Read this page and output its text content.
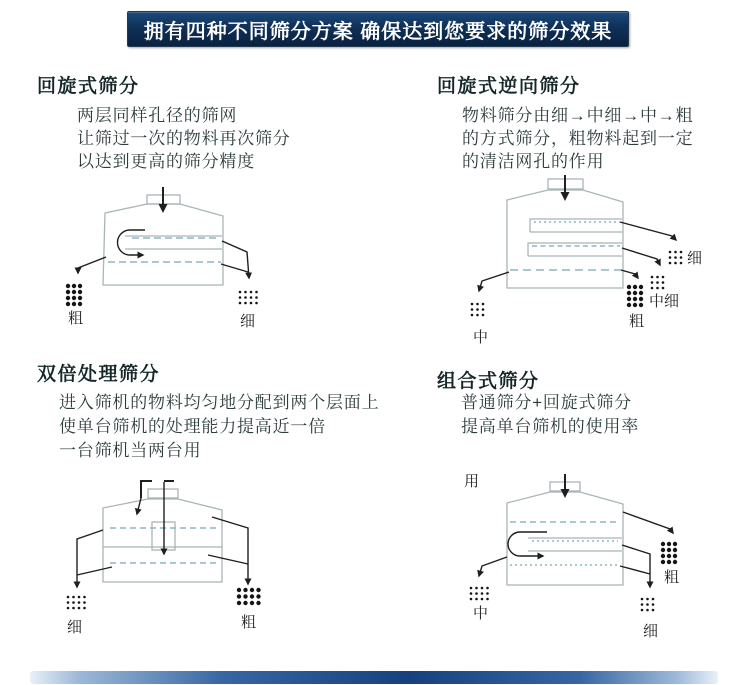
拥有四种不同筛分方案 确保达到您要求的筛分效果
回旋式筛分
两层同样孔径的筛网
让筛过一次的物料再次筛分
以达到更高的筛分精度
回旋式逆向筛分
物料筛分由细→中细→中→粗
的方式筛分，粗物料起到一定
的清洁网孔的作用
双倍处理筛分
进入筛机的物料均匀地分配到两个层面上
使单台筛机的处理能力提高近一倍
一台筛机当两台用
组合式筛分
普通筛分+回旋式筛分
提高单台筛机的使用率
粗	细
细
中细
粗
中
细	粗
用
粗
细
中
